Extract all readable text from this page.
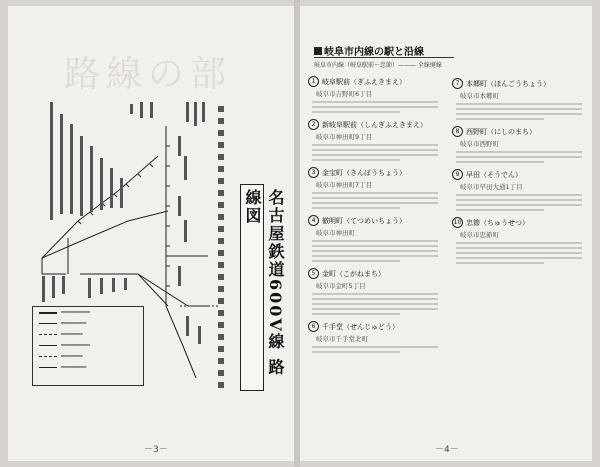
路線の部
━━━━━━━━
━━━━━━━
━━━━━━
━━━━━━━━
━━━━━━
━━━━━━━	名古屋鉄道600V線 路線図
－3－
岐阜市内線の駅と沿線
岐阜市内線（岐阜駅前～忠節）——— 全線廃線
1 岐阜駅前（ぎふえきまえ）
岐阜市吉野町6丁目
2 新岐阜駅前（しんぎふえきまえ）
岐阜市神田町9丁目
3 金宝町（きんぽうちょう）
岐阜市神田町7丁目
4 徹明町（てつめいちょう）
岐阜市神田町
5 金町（こがねまち）
岐阜市金町5丁目
6 千手堂（せんじゅどう）
岐阜市千手堂北町
7 本郷町（ほんごうちょう）
岐阜市本郷町
8 西野町（にしのまち）
岐阜市西野町
9 早田（そうでん）
岐阜市早田大通1丁目
10 忠節（ちゅうせつ）
岐阜市忠節町
－4－
